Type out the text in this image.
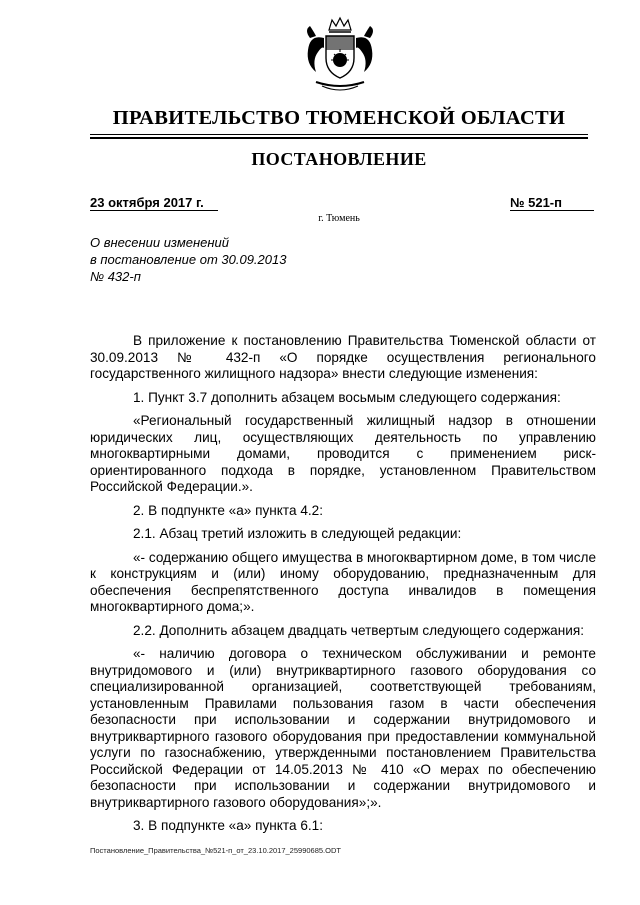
ПРАВИТЕЛЬСТВО ТЮМЕНСКОЙ ОБЛАСТИ
ПОСТАНОВЛЕНИЕ
23 октября 2017 г.	№ 521-п
г. Тюмень
О внесении изменений
в постановление от 30.09.2013
№ 432-п

В приложение к постановлению Правительства Тюменской области от 30.09.2013 № 432-п «О порядке осуществления регионального государственного жилищного надзора» внести следующие изменения:

1. Пункт 3.7 дополнить абзацем восьмым следующего содержания:

«Региональный государственный жилищный надзор в отношении юридических лиц, осуществляющих деятельность по управлению многоквартирными домами, проводится с применением риск-ориентированного подхода в порядке, установленном Правительством Российской Федерации.».

2. В подпункте «а» пункта 4.2:

2.1. Абзац третий изложить в следующей редакции:

«- содержанию общего имущества в многоквартирном доме, в том числе к конструкциям и (или) иному оборудованию, предназначенным для обеспечения беспрепятственного доступа инвалидов в помещения многоквартирного дома;».

2.2. Дополнить абзацем двадцать четвертым следующего содержания:

«- наличию договора о техническом обслуживании и ремонте внутридомового и (или) внутриквартирного газового оборудования со специализированной организацией, соответствующей требованиям, установленным Правилами пользования газом в части обеспечения безопасности при использовании и содержании внутридомового и внутриквартирного газового оборудования при предоставлении коммунальной услуги по газоснабжению, утвержденными постановлением Правительства Российской Федерации от 14.05.2013 № 410 «О мерах по обеспечению безопасности при использовании и содержании внутридомового и внутриквартирного газового оборудования»;».

3. В подпункте «а» пункта 6.1:

Постановление_Правительства_№521-п_от_23.10.2017_25990685.ODT
